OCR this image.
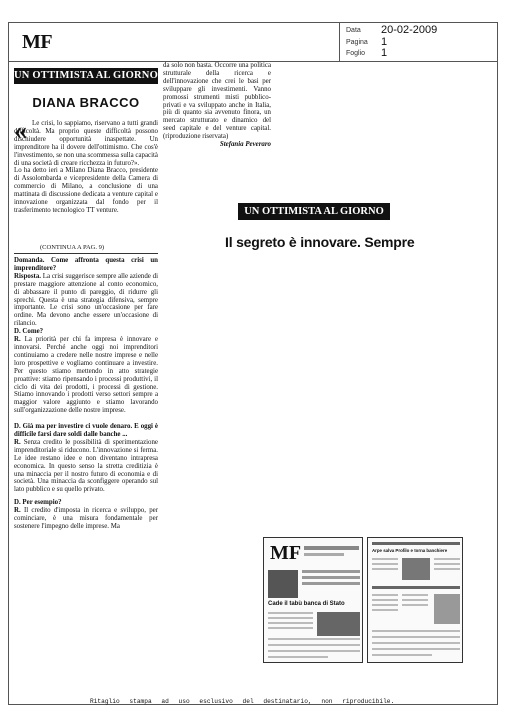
MF
Data 20-02-2009
Pagina 1
Foglio 1
UN OTTIMISTA AL GIORNO
DIANA BRACCO
« Le crisi, lo sappiamo, riservano a tutti grandi difficoltà. Ma proprio queste difficoltà possono dischiudere opportunità inaspettate. Un imprenditore ha il dovere dell'ottimismo. Che cos'è l'investimento, se non una scommessa sulla capacità di una società di creare ricchezza in futuro?».

Lo ha detto ieri a Milano Diana Bracco, presidente di Assolombarda e vicepresidente della Camera di commercio di Milano, a conclusione di una mattinata di discussione dedicata a venture capital e innovazione organizzata dal fondo per il trasferimento tecnologico TT venture.

(CONTINUA A PAG. 9)

Domanda. Come affronta questa crisi un imprenditore?

Risposta. La crisi suggerisce sempre alle aziende di prestare maggiore attenzione al conto economico, di abbassare il punto di pareggio, di ridurre gli sprechi. Questa è una strategia difensiva, sempre importante. Le crisi sono un'occasione per fare ordine. Ma devono anche essere un'occasione di rilancio.

D. Come?

R. La priorità per chi fa impresa è innovare e innovarsi. Perché anche oggi noi imprenditori continuiamo a credere nelle nostre imprese e nelle loro prospettive e vogliamo continuare a investire. Per questo stiamo mettendo in atto strategie proattive: stiamo ripensando i processi produttivi, il ciclo di vita dei prodotti, i processi di gestione. Stiamo innovando i prodotti verso settori sempre a maggior valore aggiunto e stiamo lavorando sull'organizzazione delle nostre imprese.

D. Già ma per investire ci vuole denaro. E oggi è difficile farsi dare soldi dalle banche ...

R. Senza credito le possibilità di sperimentazione imprenditoriale si riducono. L'innovazione si ferma. Le idee restano idee e non diventano intrapresa economica. In questo senso la stretta creditizia è una minaccia per il nostro futuro di economia e di società. Una minaccia da sconfiggere operando sul lato pubblico e su quello privato.

D. Per esempio?

R. Il credito d'imposta in ricerca e sviluppo, per cominciare, è una misura fondamentale per sostenere l'impegno delle imprese. Ma

da solo non basta. Occorre una politica strutturale della ricerca e dell'innovazione che crei le basi per sviluppare gli investimenti. Vanno promossi strumenti misti pubblico-privati e va sviluppato anche in Italia, più di quanto sia avvenuto finora, un mercato strutturato e dinamico del seed capitale e del venture capital. (riproduzione riservata)

Stefania Peveraro

UN OTTIMISTA AL GIORNO
Il segreto è innovare. Sempre
MF
Cade il tabù banca di Stato
Arpe salva Profilo e torna banchiere
Ritaglio stampa ad uso esclusivo del destinatario, non riproducibile.
